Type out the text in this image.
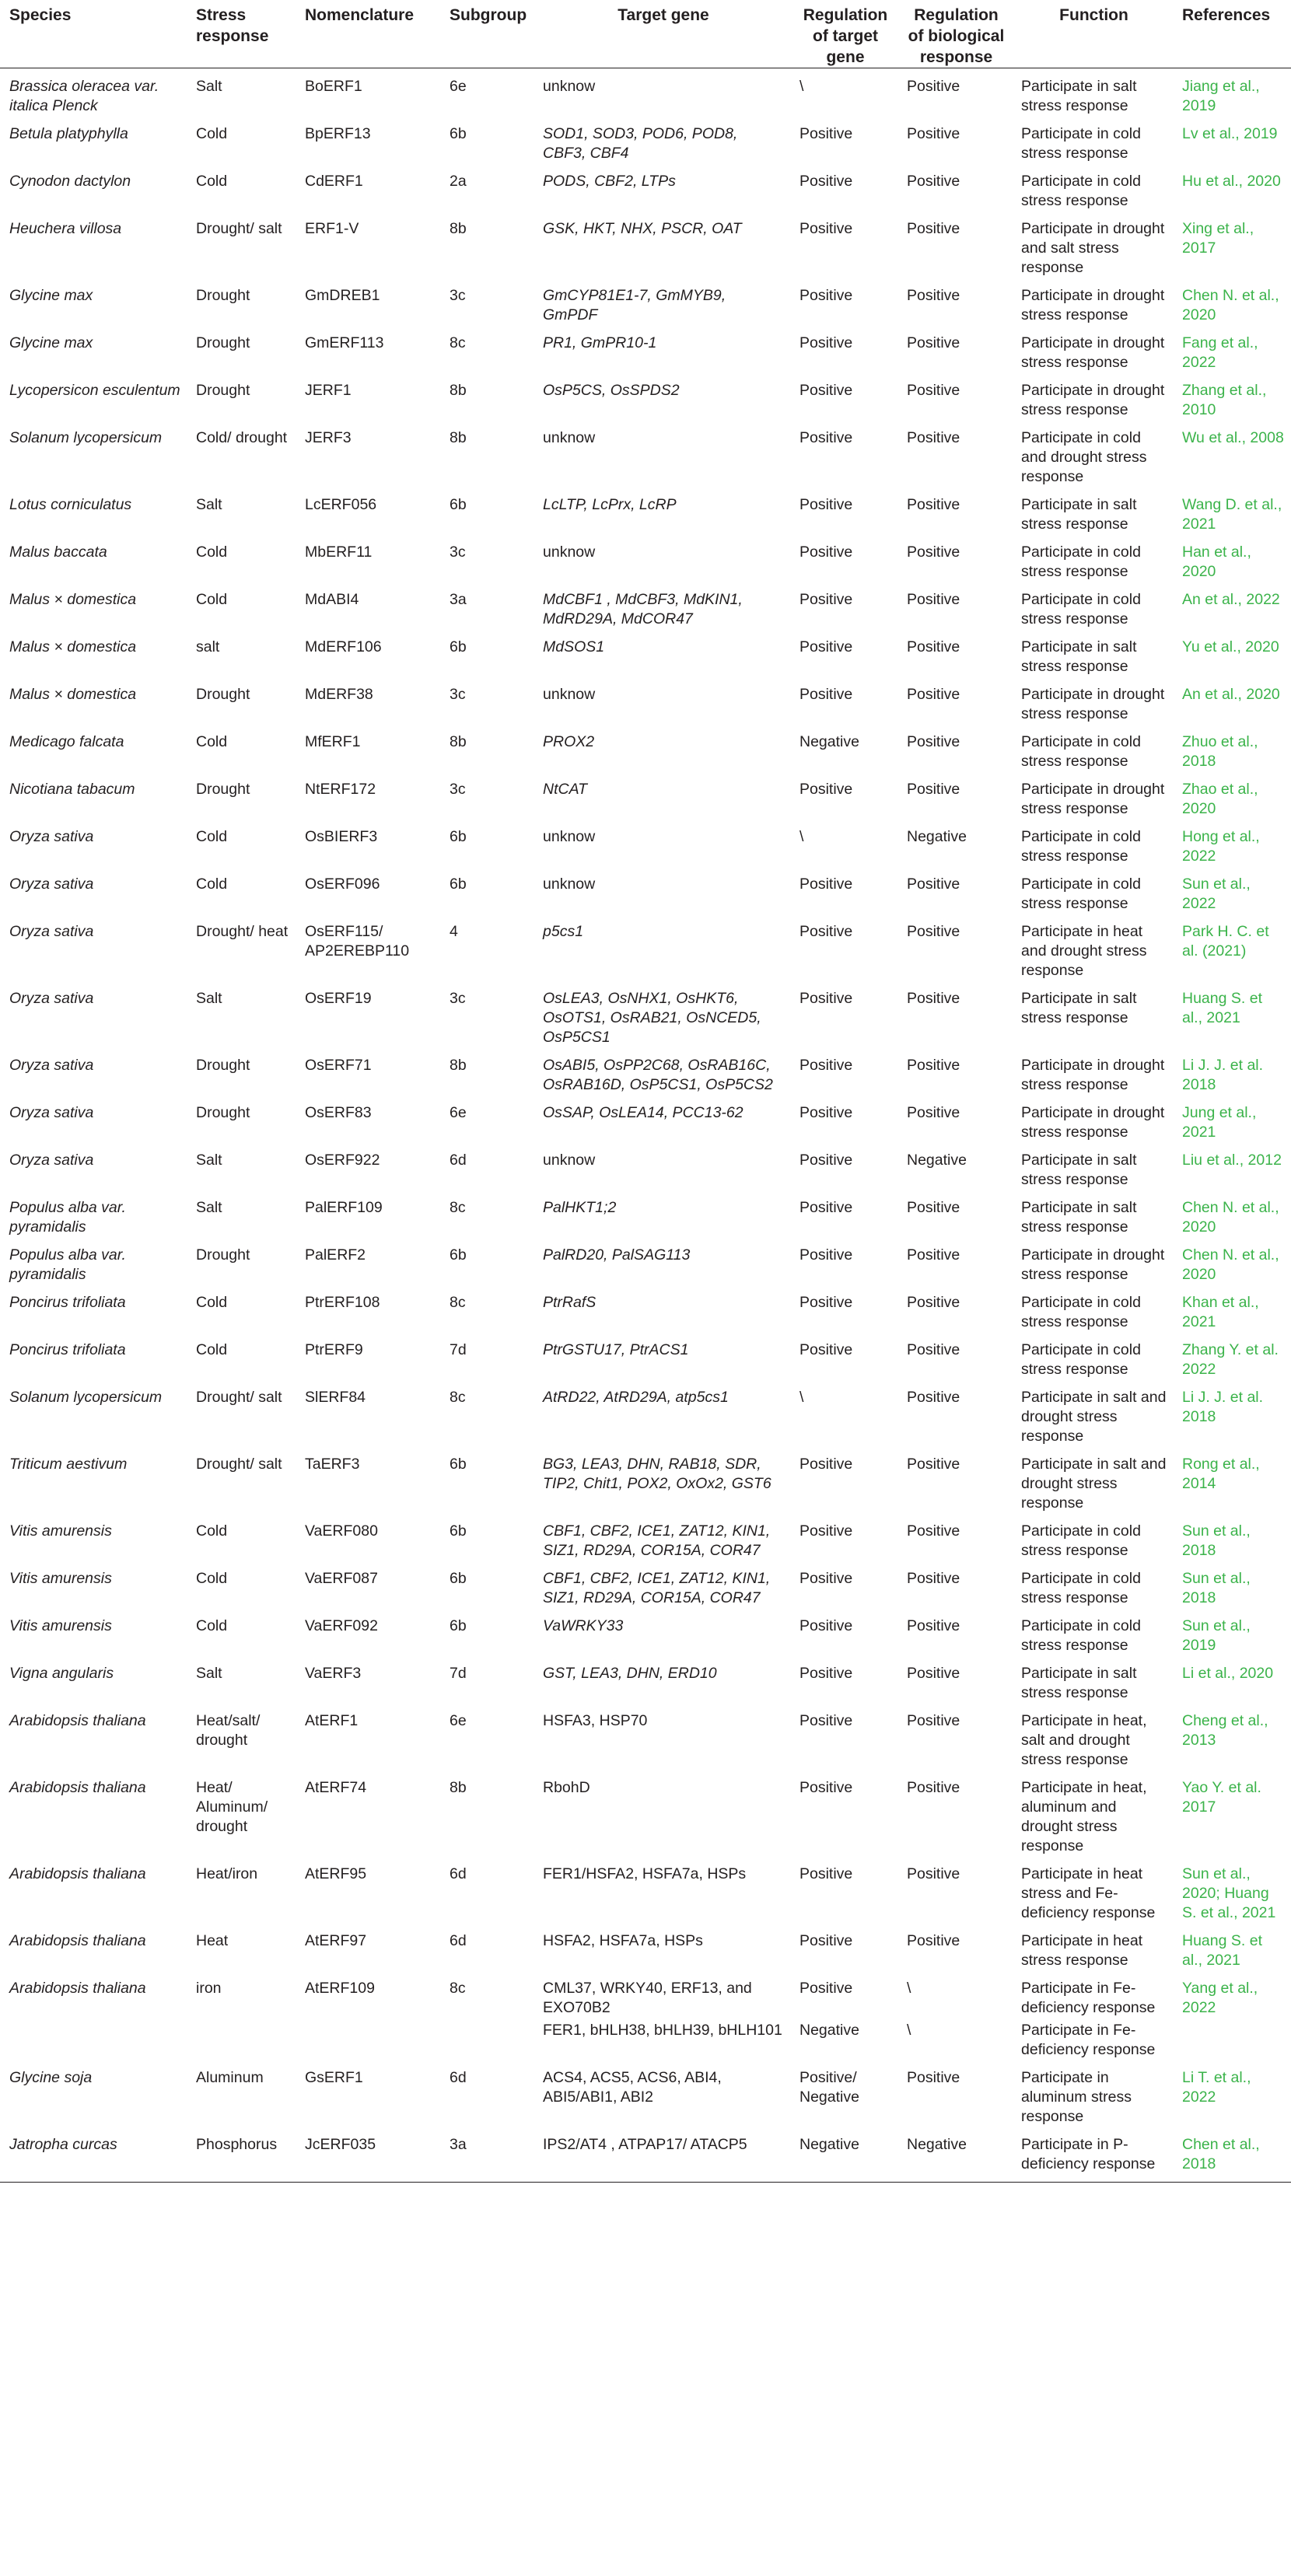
Species	Stress response	Nomenclature	Subgroup	Target gene	Regulation of target gene	Regulation of biological response	Function	References
Brassica oleracea var. italica Plenck	Salt	BoERF1	6e	unknow	\	Positive	Participate in salt stress response	Jiang et al., 2019
Betula platyphylla	Cold	BpERF13	6b	SOD1, SOD3, POD6, POD8, CBF3, CBF4	Positive	Positive	Participate in cold stress response	Lv et al., 2019
Cynodon dactylon	Cold	CdERF1	2a	PODS, CBF2, LTPs	Positive	Positive	Participate in cold stress response	Hu et al., 2020
Heuchera villosa	Drought/ salt	ERF1-V	8b	GSK, HKT, NHX, PSCR, OAT	Positive	Positive	Participate in drought and salt stress response	Xing et al., 2017
Glycine max	Drought	GmDREB1	3c	GmCYP81E1-7, GmMYB9, GmPDF	Positive	Positive	Participate in drought stress response	Chen N. et al., 2020
Glycine max	Drought	GmERF113	8c	PR1, GmPR10-1	Positive	Positive	Participate in drought stress response	Fang et al., 2022
Lycopersicon esculentum	Drought	JERF1	8b	OsP5CS, OsSPDS2	Positive	Positive	Participate in drought stress response	Zhang et al., 2010
Solanum lycopersicum	Cold/ drought	JERF3	8b	unknow	Positive	Positive	Participate in cold and drought stress response	Wu et al., 2008
Lotus corniculatus	Salt	LcERF056	6b	LcLTP, LcPrx, LcRP	Positive	Positive	Participate in salt stress response	Wang D. et al., 2021
Malus baccata	Cold	MbERF11	3c	unknow	Positive	Positive	Participate in cold stress response	Han et al., 2020
Malus × domestica	Cold	MdABI4	3a	MdCBF1 , MdCBF3, MdKIN1, MdRD29A, MdCOR47	Positive	Positive	Participate in cold stress response	An et al., 2022
Malus × domestica	salt	MdERF106	6b	MdSOS1	Positive	Positive	Participate in salt stress response	Yu et al., 2020
Malus × domestica	Drought	MdERF38	3c	unknow	Positive	Positive	Participate in drought stress response	An et al., 2020
Medicago falcata	Cold	MfERF1	8b	PROX2	Negative	Positive	Participate in cold stress response	Zhuo et al., 2018
Nicotiana tabacum	Drought	NtERF172	3c	NtCAT	Positive	Positive	Participate in drought stress response	Zhao et al., 2020
Oryza sativa	Cold	OsBIERF3	6b	unknow	\	Negative	Participate in cold stress response	Hong et al., 2022
Oryza sativa	Cold	OsERF096	6b	unknow	Positive	Positive	Participate in cold stress response	Sun et al., 2022
Oryza sativa	Drought/ heat	OsERF115/ AP2EREBP110	4	p5cs1	Positive	Positive	Participate in heat and drought stress response	Park H. C. et al. (2021)
Oryza sativa	Salt	OsERF19	3c	OsLEA3, OsNHX1, OsHKT6, OsOTS1, OsRAB21, OsNCED5, OsP5CS1	Positive	Positive	Participate in salt stress response	Huang S. et al., 2021
Oryza sativa	Drought	OsERF71	8b	OsABI5, OsPP2C68, OsRAB16C, OsRAB16D, OsP5CS1, OsP5CS2	Positive	Positive	Participate in drought stress response	Li J. J. et al. 2018
Oryza sativa	Drought	OsERF83	6e	OsSAP, OsLEA14, PCC13-62	Positive	Positive	Participate in drought stress response	Jung et al., 2021
Oryza sativa	Salt	OsERF922	6d	unknow	Positive	Negative	Participate in salt stress response	Liu et al., 2012
Populus alba var. pyramidalis	Salt	PalERF109	8c	PalHKT1;2	Positive	Positive	Participate in salt stress response	Chen N. et al., 2020
Populus alba var. pyramidalis	Drought	PalERF2	6b	PalRD20, PalSAG113	Positive	Positive	Participate in drought stress response	Chen N. et al., 2020
Poncirus trifoliata	Cold	PtrERF108	8c	PtrRafS	Positive	Positive	Participate in cold stress response	Khan et al., 2021
Poncirus trifoliata	Cold	PtrERF9	7d	PtrGSTU17, PtrACS1	Positive	Positive	Participate in cold stress response	Zhang Y. et al. 2022
Solanum lycopersicum	Drought/ salt	SlERF84	8c	AtRD22, AtRD29A, atp5cs1	\	Positive	Participate in salt and drought stress response	Li J. J. et al. 2018
Triticum aestivum	Drought/ salt	TaERF3	6b	BG3, LEA3, DHN, RAB18, SDR, TIP2, Chit1, POX2, OxOx2, GST6	Positive	Positive	Participate in salt and drought stress response	Rong et al., 2014
Vitis amurensis	Cold	VaERF080	6b	CBF1, CBF2, ICE1, ZAT12, KIN1, SIZ1, RD29A, COR15A, COR47	Positive	Positive	Participate in cold stress response	Sun et al., 2018
Vitis amurensis	Cold	VaERF087	6b	CBF1, CBF2, ICE1, ZAT12, KIN1, SIZ1, RD29A, COR15A, COR47	Positive	Positive	Participate in cold stress response	Sun et al., 2018
Vitis amurensis	Cold	VaERF092	6b	VaWRKY33	Positive	Positive	Participate in cold stress response	Sun et al., 2019
Vigna angularis	Salt	VaERF3	7d	GST, LEA3, DHN, ERD10	Positive	Positive	Participate in salt stress response	Li et al., 2020
Arabidopsis thaliana	Heat/salt/ drought	AtERF1	6e	HSFA3, HSP70	Positive	Positive	Participate in heat, salt and drought stress response	Cheng et al., 2013
Arabidopsis thaliana	Heat/ Aluminum/ drought	AtERF74	8b	RbohD	Positive	Positive	Participate in heat, aluminum and drought stress response	Yao Y. et al. 2017
Arabidopsis thaliana	Heat/iron	AtERF95	6d	FER1/HSFA2, HSFA7a, HSPs	Positive	Positive	Participate in heat stress and Fe-deficiency response	Sun et al., 2020; Huang S. et al., 2021
Arabidopsis thaliana	Heat	AtERF97	6d	HSFA2, HSFA7a, HSPs	Positive	Positive	Participate in heat stress response	Huang S. et al., 2021
Arabidopsis thaliana	iron	AtERF109	8c	CML37, WRKY40, ERF13, and EXO70B2	Positive	\	Participate in Fe-deficiency response	Yang et al., 2022
				FER1, bHLH38, bHLH39, bHLH101	Negative	\	Participate in Fe-deficiency response	
Glycine soja	Aluminum	GsERF1	6d	ACS4, ACS5, ACS6, ABI4, ABI5/ABI1, ABI2	Positive/ Negative	Positive	Participate in aluminum stress response	Li T. et al., 2022
Jatropha curcas	Phosphorus	JcERF035	3a	IPS2/AT4 , ATPAP17/ ATACP5	Negative	Negative	Participate in P-deficiency response	Chen et al., 2018
